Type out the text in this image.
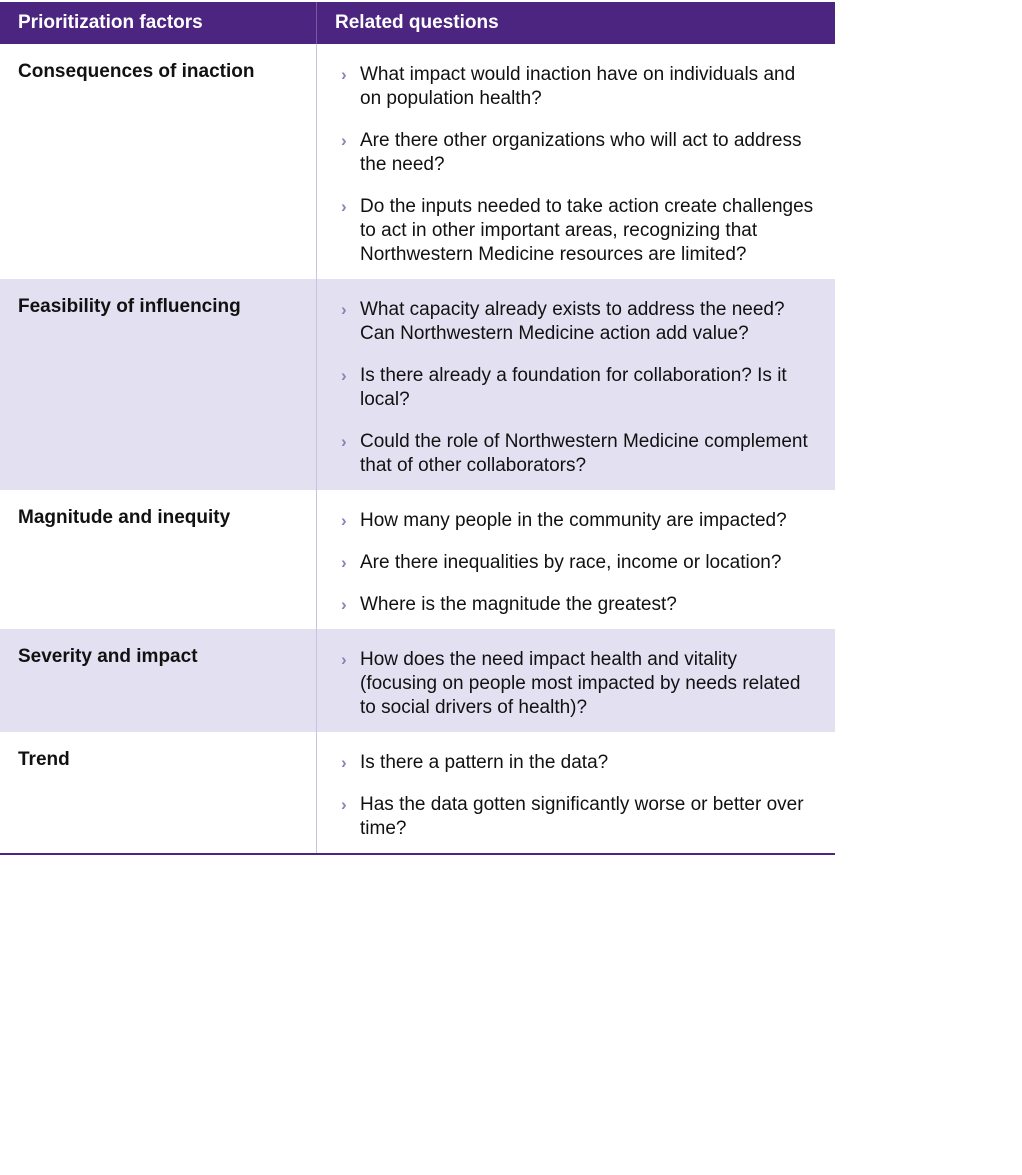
Prioritization factors	Related questions
Consequences of inaction	› What impact would inaction have on individuals and on population health?
› Are there other organizations who will act to address the need?
› Do the inputs needed to take action create challenges to act in other important areas, recognizing that Northwestern Medicine resources are limited?
Feasibility of influencing	› What capacity already exists to address the need? Can Northwestern Medicine action add value?
› Is there already a foundation for collaboration? Is it local?
› Could the role of Northwestern Medicine complement that of other collaborators?
Magnitude and inequity	› How many people in the community are impacted?
› Are there inequalities by race, income or location?
› Where is the magnitude the greatest?
Severity and impact	› How does the need impact health and vitality (focusing on people most impacted by needs related to social drivers of health)?
Trend	› Is there a pattern in the data?
› Has the data gotten significantly worse or better over time?
